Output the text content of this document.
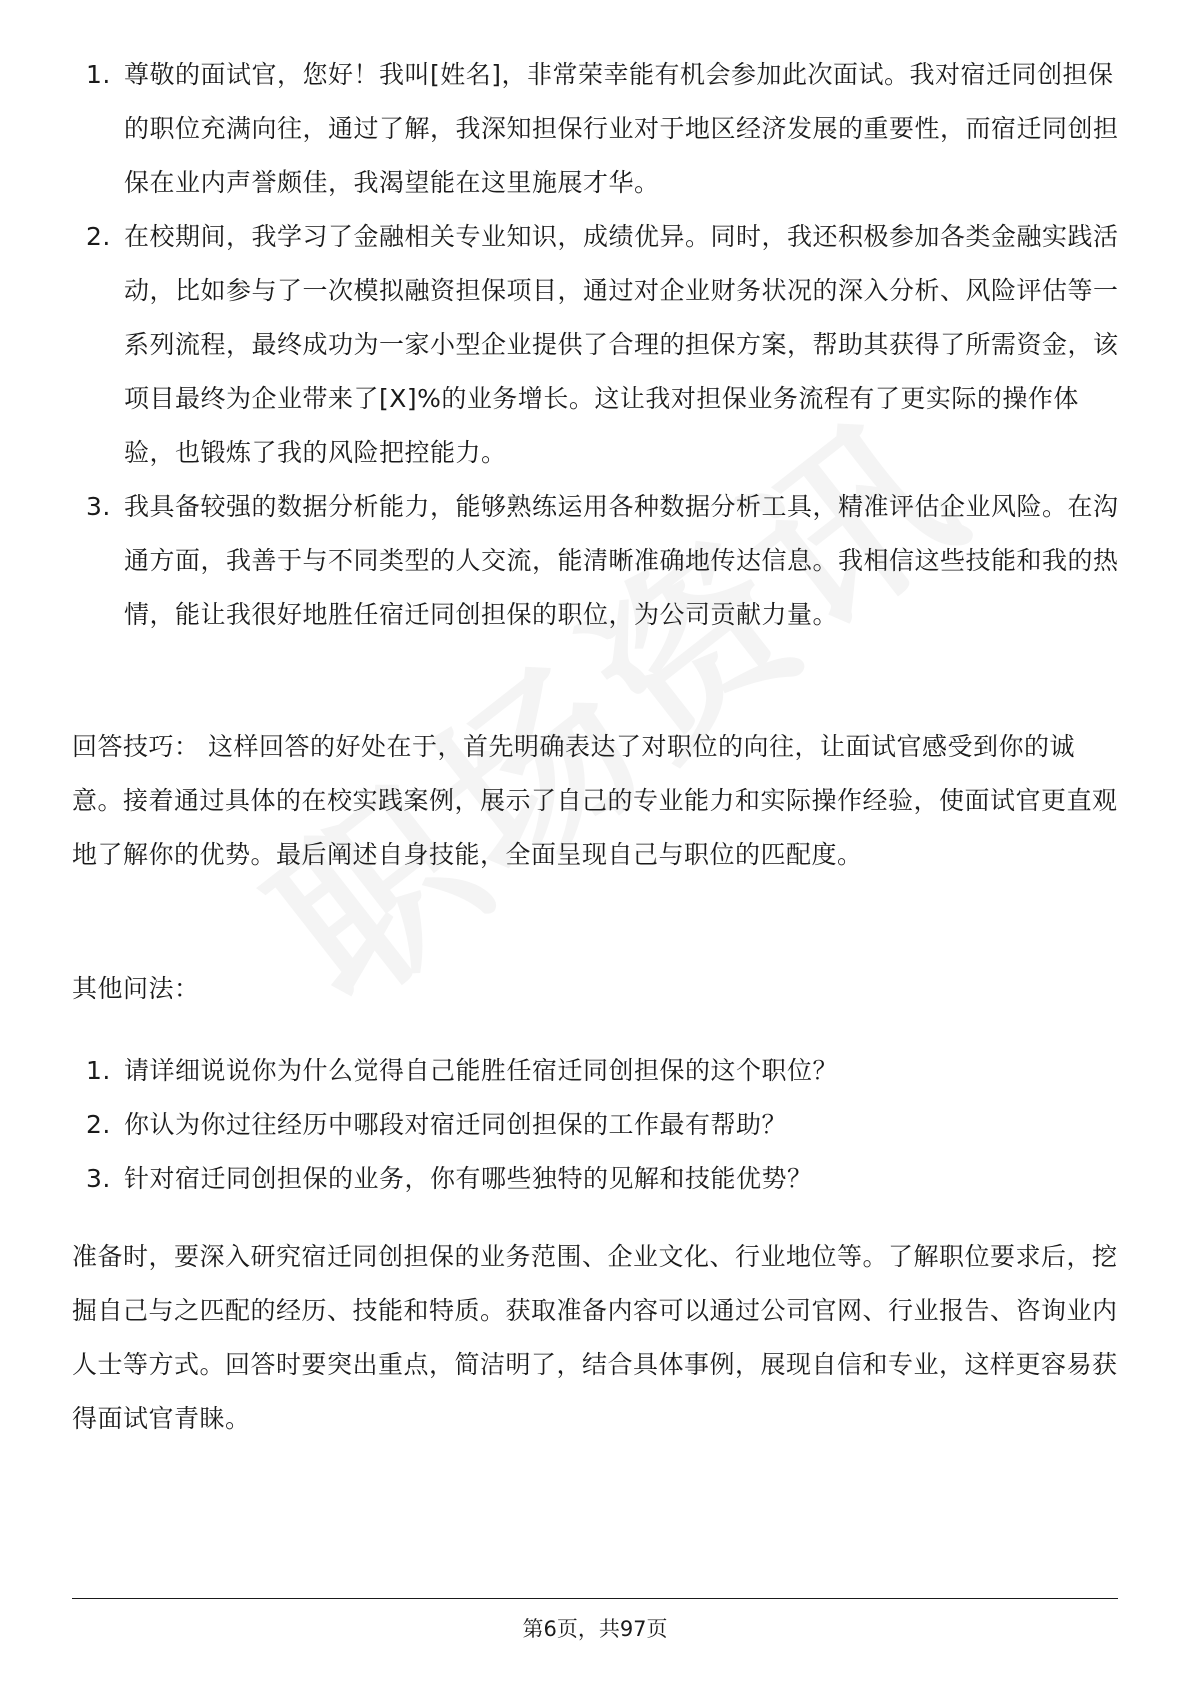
1. 尊敬的面试官，您好！我叫[姓名]，非常荣幸能有机会参加此次面试。我对宿迁同创担保的职位充满向往，通过了解，我深知担保行业对于地区经济发展的重要性，而宿迁同创担保在业内声誉颇佳，我渴望能在这里施展才华。
2. 在校期间，我学习了金融相关专业知识，成绩优异。同时，我还积极参加各类金融实践活动，比如参与了一次模拟融资担保项目，通过对企业财务状况的深入分析、风险评估等一系列流程，最终成功为一家小型企业提供了合理的担保方案，帮助其获得了所需资金，该项目最终为企业带来了[X]%的业务增长。这让我对担保业务流程有了更实际的操作体验，也锻炼了我的风险把控能力。
3. 我具备较强的数据分析能力，能够熟练运用各种数据分析工具，精准评估企业风险。在沟通方面，我善于与不同类型的人交流，能清晰准确地传达信息。我相信这些技能和我的热情，能让我很好地胜任宿迁同创担保的职位，为公司贡献力量。
回答技巧： 这样回答的好处在于，首先明确表达了对职位的向往，让面试官感受到你的诚意。接着通过具体的在校实践案例，展示了自己的专业能力和实际操作经验，使面试官更直观地了解你的优势。最后阐述自身技能，全面呈现自己与职位的匹配度。
其他问法：
1. 请详细说说你为什么觉得自己能胜任宿迁同创担保的这个职位？
2. 你认为你过往经历中哪段对宿迁同创担保的工作最有帮助？
3. 针对宿迁同创担保的业务，你有哪些独特的见解和技能优势？
准备时，要深入研究宿迁同创担保的业务范围、企业文化、行业地位等。了解职位要求后，挖掘自己与之匹配的经历、技能和特质。获取准备内容可以通过公司官网、行业报告、咨询业内人士等方式。回答时要突出重点，简洁明了，结合具体事例，展现自信和专业，这样更容易获得面试官青睐。
第6页，共97页
